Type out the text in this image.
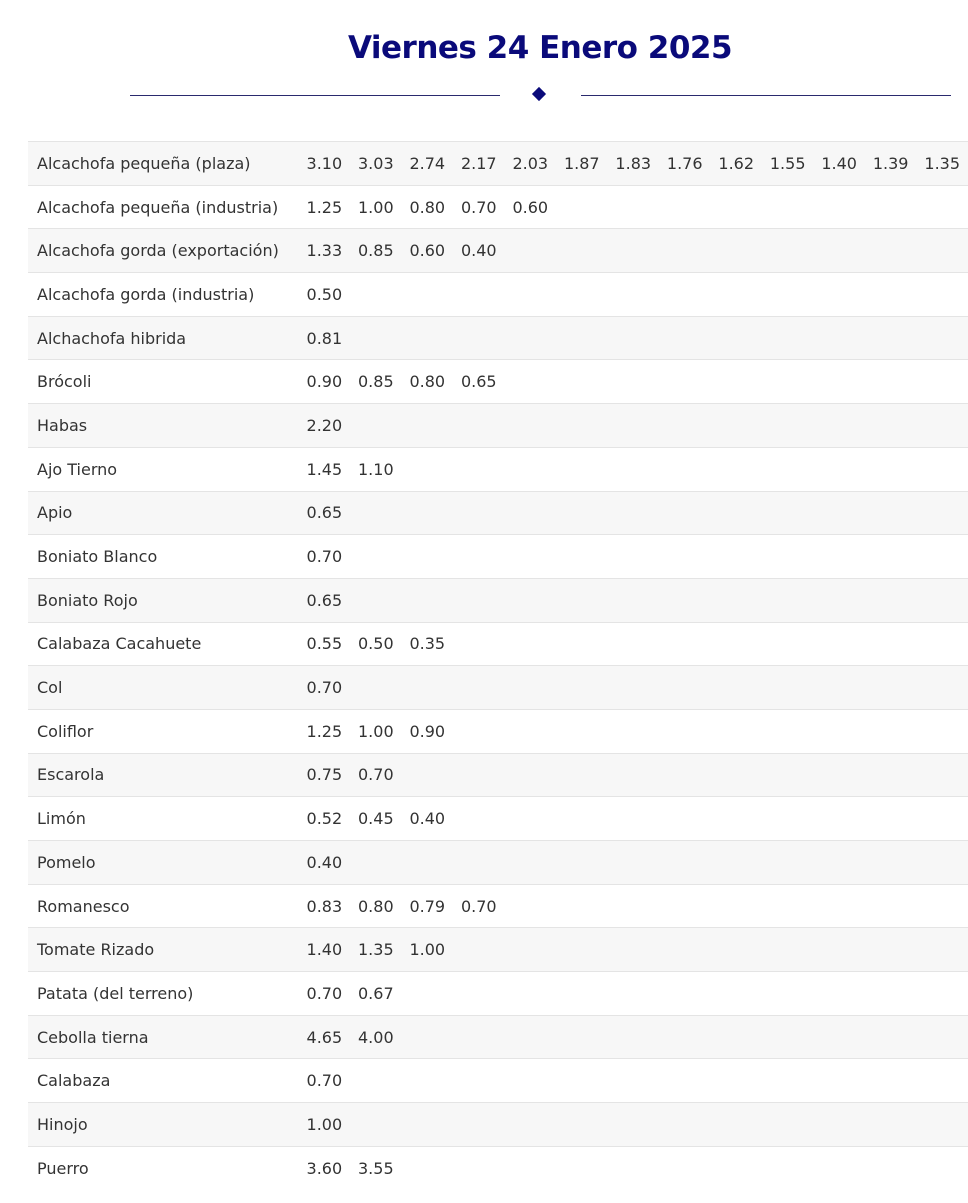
Viernes 24 Enero 2025
Alcachofa pequeña (plaza)	3.10	3.03	2.74	2.17	2.03	1.87	1.83	1.76	1.62	1.55	1.40	1.39	1.35
Alcachofa pequeña (industria)	1.25	1.00	0.80	0.70	0.60								
Alcachofa gorda (exportación)	1.33	0.85	0.60	0.40									
Alcachofa gorda (industria)	0.50												
Alchachofa hibrida	0.81												
Brócoli	0.90	0.85	0.80	0.65									
Habas	2.20												
Ajo Tierno	1.45	1.10											
Apio	0.65												
Boniato Blanco	0.70												
Boniato Rojo	0.65												
Calabaza Cacahuete	0.55	0.50	0.35										
Col	0.70												
Coliflor	1.25	1.00	0.90										
Escarola	0.75	0.70											
Limón	0.52	0.45	0.40										
Pomelo	0.40												
Romanesco	0.83	0.80	0.79	0.70									
Tomate Rizado	1.40	1.35	1.00										
Patata (del terreno)	0.70	0.67											
Cebolla tierna	4.65	4.00											
Calabaza	0.70												
Hinojo	1.00												
Puerro	3.60	3.55											
